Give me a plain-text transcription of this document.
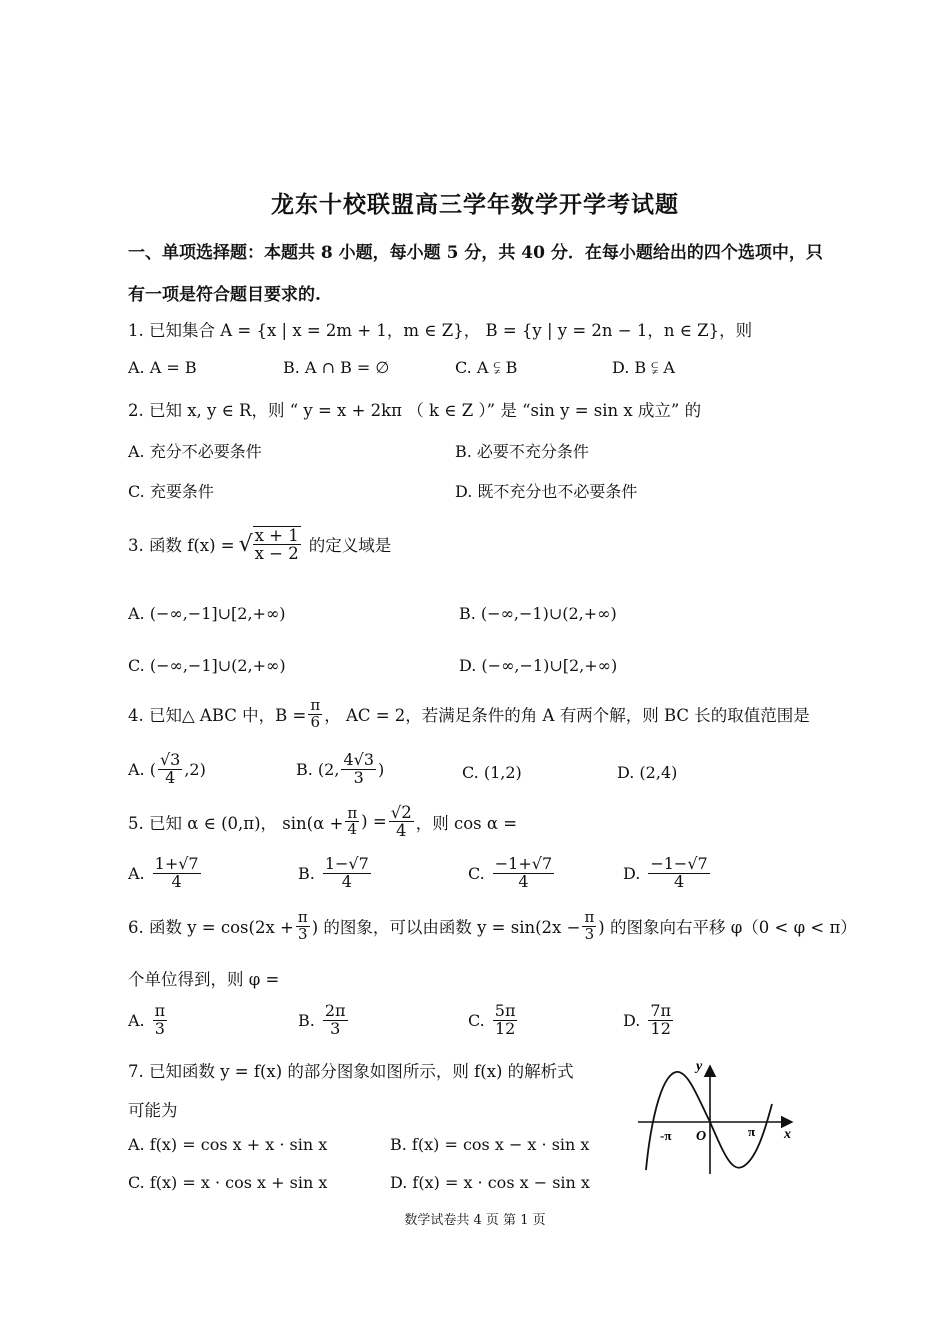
龙东十校联盟高三学年数学开学考试题
一、单项选择题：本题共 8 小题，每小题 5 分，共 40 分．在每小题给出的四个选项中，只
有一项是符合题目要求的.
1. 已知集合 A = {x | x = 2m + 1，m ∈ Z}， B = {y | y = 2n − 1，n ∈ Z}，则
A. A = B	B. A ∩ B = ∅	C. A ⫋ B	D. B ⫋ A
2. 已知 x, y ∈ R，则 “ y = x + 2kπ （ k ∈ Z ）” 是 “sin y = sin x 成立” 的
A. 充分不必要条件	B. 必要不充分条件
C. 充要条件	D. 既不充分也不必要条件
3. 函数 f(x) = √ $\frac{x + 1}{x - 2}$ 的定义域是
A. (−∞,−1]∪[2,+∞)	B. (−∞,−1)∪(2,+∞)
C. (−∞,−1]∪(2,+∞)	D. (−∞,−1)∪[2,+∞)
4. 已知△ ABC 中，$B = \frac{\pi}{6}$ ， AC = 2，若满足条件的角 A 有两个解，则 BC 长的取值范围是
A. ( $\frac{√3}{4} ,2$)	B. (2, $\frac{4√3}{3}$ )	C. (1,2)	D. (2,4)
5. 已知 α ∈ (0,π)， $\sin(\alpha + \frac{\pi}{4}$ ) = $\frac{√2}{4}$ ，则 cos α =
A. $\frac{1+√7}{4}$	B. $\frac{1-√7}{4}$	C. $\frac{-1+√7}{4}$	D. $\frac{-1-√7}{4}$
6. 函数 $y = \cos(2x + \frac{\pi}{3}$ ) 的图象，可以由函数 $y = \sin(2x - \frac{\pi}{3}$ ) 的图象向右平移 φ（0 < φ < π）
个单位得到，则 φ =
A. $\frac{\pi}{3}$	B. $\frac{2\pi}{3}$	C. $\frac{5\pi}{12}$	D. $\frac{7\pi}{12}$
7. 已知函数 y = f(x) 的部分图象如图所示，则 f(x) 的解析式
可能为
A. f(x) = cos x + x · sin x	B. f(x) = cos x − x · sin x
C. f(x) = x · cos x + sin x	D. f(x) = x · cos x − sin x
y
x
-π O	π
数学试卷共 4 页 第 1 页
